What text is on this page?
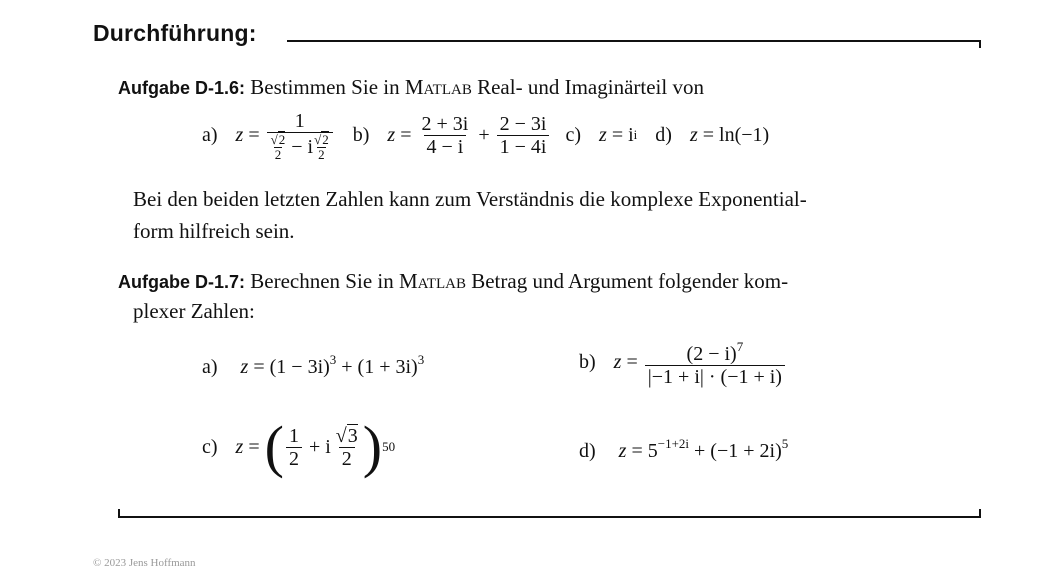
Durchführung:
Aufgabe D-1.6: Bestimmen Sie in Matlab Real- und Imaginärteil von
a) $z = \frac{1}{\frac{√2}{2} - i \frac{√2}{2}} b$) $z = \frac{2 + 3i}{4 - i} + \frac{2 - 3i}{1 - 4i} c$) z = i i d) z = ln(−1)
Bei den beiden letzten Zahlen kann zum Verständnis die komplexe Exponential-
form hilfreich sein.
Aufgabe D-1.7: Berechnen Sie in Matlab Betrag und Argument folgender kom-
plexer Zahlen:
a) $z = (1 - 3i)^3 + (1 + 3i)^3$	b) $z = \frac{(2 - i)^7}{|-1 + i| \cdot (-1 + i)}$
c) z = ( $\frac{1}{2} + i \frac{√3}{2}$ ) 50	d) $z = 5^{-1+2i} + (-1 + 2i)^5$
© 2023 Jens Hoffmann
